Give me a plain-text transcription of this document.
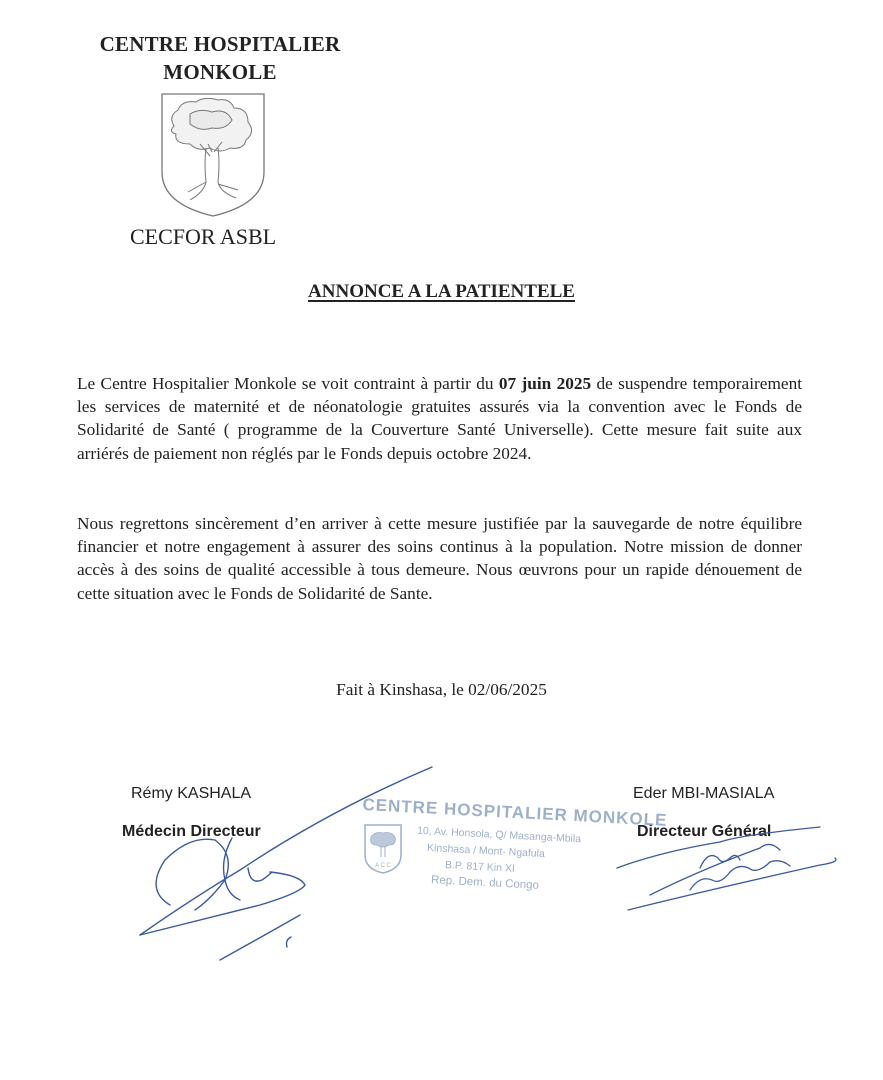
CENTRE HOSPITALIER
MONKOLE
CECFOR ASBL
ANNONCE A LA PATIENTELE
Le Centre Hospitalier Monkole se voit contraint à partir du 07 juin 2025 de suspendre temporairement les services de maternité et de néonatologie gratuites assurés via la convention avec le Fonds de Solidarité de Santé ( programme de la Couverture Santé Universelle). Cette mesure fait suite aux arriérés de paiement non réglés par le Fonds depuis octobre 2024.
Nous regrettons sincèrement d’en arriver à cette mesure justifiée par la sauvegarde de notre équilibre financier et notre engagement à assurer des soins continus à la population. Notre mission de donner accès à des soins de qualité accessible à tous demeure. Nous œuvrons pour un rapide dénouement de cette situation avec le Fonds de Solidarité de Sante.
Fait à Kinshasa, le 02/06/2025
Rémy KASHALA
Médecin Directeur
Eder MBI-MASIALA
Directeur Général
CENTRE HOSPITALIER MONKOLE
A C C
10, Av. Honsola, Q/ Masanga-Mbila
Kinshasa / Mont- Ngafula
B.P. 817 Kin XI
Rep. Dem. du Congo
